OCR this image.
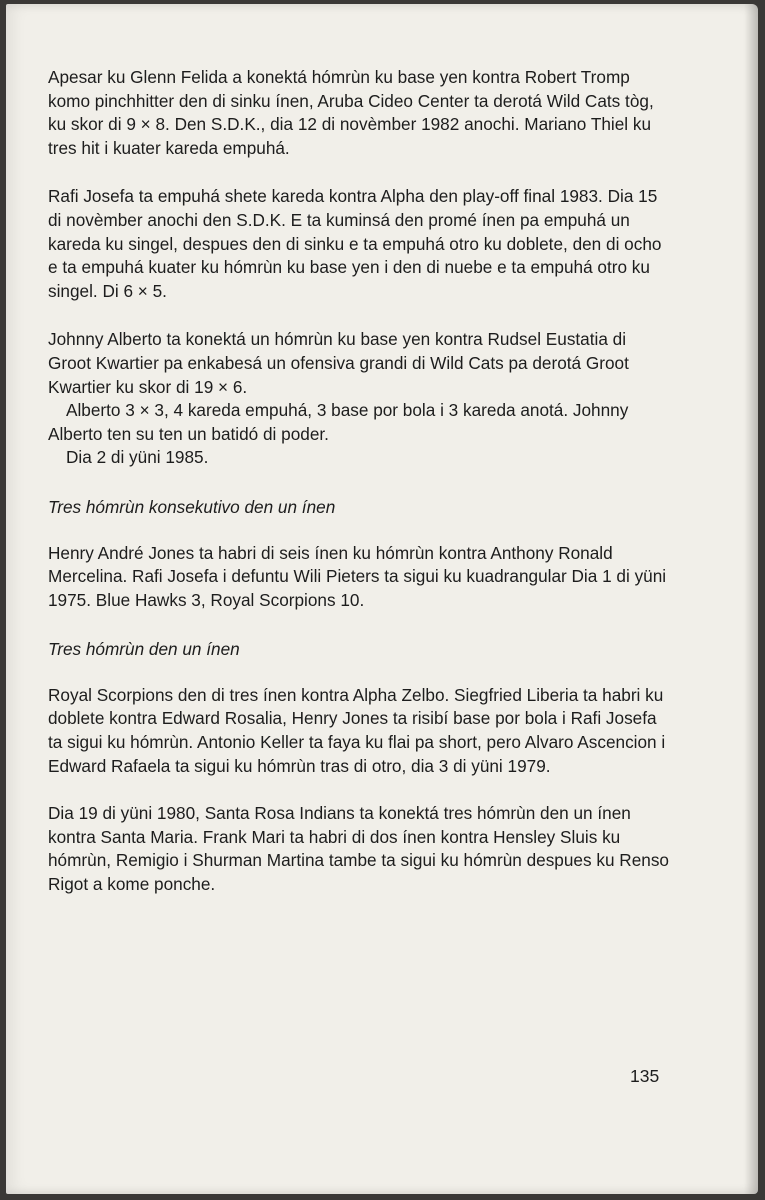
Apesar ku Glenn Felida a konektá hómrùn ku base yen kontra Robert Tromp komo pinchhitter den di sinku ínen, Aruba Cideo Center ta derotá Wild Cats tòg, ku skor di 9 × 8. Den S.D.K., dia 12 di novèmber 1982 anochi. Mariano Thiel ku tres hit i kuater kareda empuhá.

Rafi Josefa ta empuhá shete kareda kontra Alpha den play-off final 1983. Dia 15 di novèmber anochi den S.D.K. E ta kuminsá den promé ínen pa empuhá un kareda ku singel, despues den di sinku e ta empuhá otro ku doblete, den di ocho e ta empuhá kuater ku hómrùn ku base yen i den di nuebe e ta empuhá otro ku singel. Di 6 × 5.

Johnny Alberto ta konektá un hómrùn ku base yen kontra Rudsel Eustatia di Groot Kwartier pa enkabesá un ofensiva grandi di Wild Cats pa derotá Groot Kwartier ku skor di 19 × 6.

Alberto 3 × 3, 4 kareda empuhá, 3 base por bola i 3 kareda anotá. Johnny Alberto ten su ten un batidó di poder.

Dia 2 di yüni 1985.

Tres hómrùn konsekutivo den un ínen

Henry André Jones ta habri di seis ínen ku hómrùn kontra Anthony Ronald Mercelina. Rafi Josefa i defuntu Wili Pieters ta sigui ku kuadrangular Dia 1 di yüni 1975. Blue Hawks 3, Royal Scorpions 10.

Tres hómrùn den un ínen

Royal Scorpions den di tres ínen kontra Alpha Zelbo. Siegfried Liberia ta habri ku doblete kontra Edward Rosalia, Henry Jones ta risibí base por bola i Rafi Josefa ta sigui ku hómrùn. Antonio Keller ta faya ku flai pa short, pero Alvaro Ascencion i Edward Rafaela ta sigui ku hómrùn tras di otro, dia 3 di yüni 1979.

Dia 19 di yüni 1980, Santa Rosa Indians ta konektá tres hómrùn den un ínen kontra Santa Maria. Frank Mari ta habri di dos ínen kontra Hensley Sluis ku hómrùn, Remigio i Shurman Martina tambe ta sigui ku hómrùn despues ku Renso Rigot a kome ponche.

135
